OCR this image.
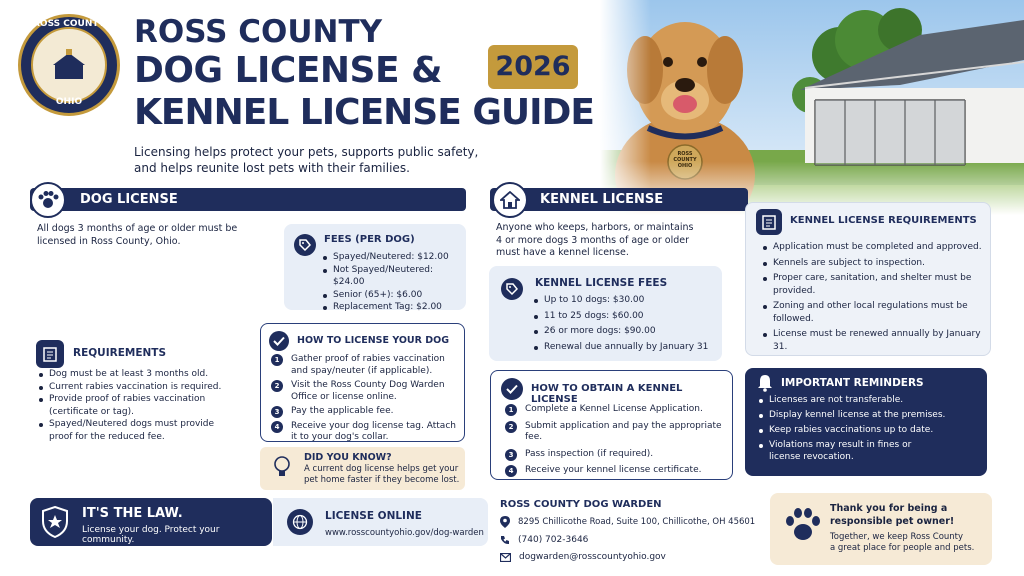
ROSS
COUNTY
OHIO
ROSS COUNTY
OHIO
ROSS COUNTY
DOG LICENSE &
KENNEL LICENSE GUIDE
2026
Licensing helps protect your pets, supports public safety,
and helps reunite lost pets with their families.
DOG LICENSE
All dogs 3 months of age or older must be licensed in Ross County, Ohio.	FEES (PER DOG)
Spayed/Neutered: $12.00
Not Spayed/Neutered: $24.00
Senior (65+): $6.00
Replacement Tag: $2.00
REQUIREMENTS
Dog must be at least 3 months old.
Current rabies vaccination is required.
Provide proof of rabies vaccination (certificate or tag).
Spayed/Neutered dogs must provide proof for the reduced fee.
HOW TO LICENSE YOUR DOG
1	Gather proof of rabies vaccination and spay/neuter (if applicable).
2	Visit the Ross County Dog Warden Office or license online.
3	Pay the applicable fee.
4	Receive your dog license tag. Attach it to your dog's collar.
DID YOU KNOW?
A current dog license helps get your pet home faster if they become lost.
IT'S THE LAW.
License your dog. Protect your community.
LICENSE ONLINE
www.rosscountyohio.gov/dog-warden
KENNEL LICENSE
Anyone who keeps, harbors, or maintains 4 or more dogs 3 months of age or older must have a kennel license.
KENNEL LICENSE FEES
Up to 10 dogs: $30.00
11 to 25 dogs: $60.00
26 or more dogs: $90.00
Renewal due annually by January 31
HOW TO OBTAIN A KENNEL LICENSE
1	Complete a Kennel License Application.
2	Submit application and pay the appropriate fee.
3	Pass inspection (if required).
4	Receive your kennel license certificate.
KENNEL LICENSE REQUIREMENTS
Application must be completed and approved.
Kennels are subject to inspection.
Proper care, sanitation, and shelter must be provided.
Zoning and other local regulations must be followed.
License must be renewed annually by January 31.
IMPORTANT REMINDERS
Licenses are not transferable.
Display kennel license at the premises.
Keep rabies vaccinations up to date.
Violations may result in fines or license revocation.
ROSS COUNTY DOG WARDEN
8295 Chillicothe Road, Suite 100, Chillicothe, OH 45601
(740) 702-3646
dogwarden@rosscountyohio.gov
Thank you for being a
responsible pet owner!
Together, we keep Ross County
a great place for people and pets.
